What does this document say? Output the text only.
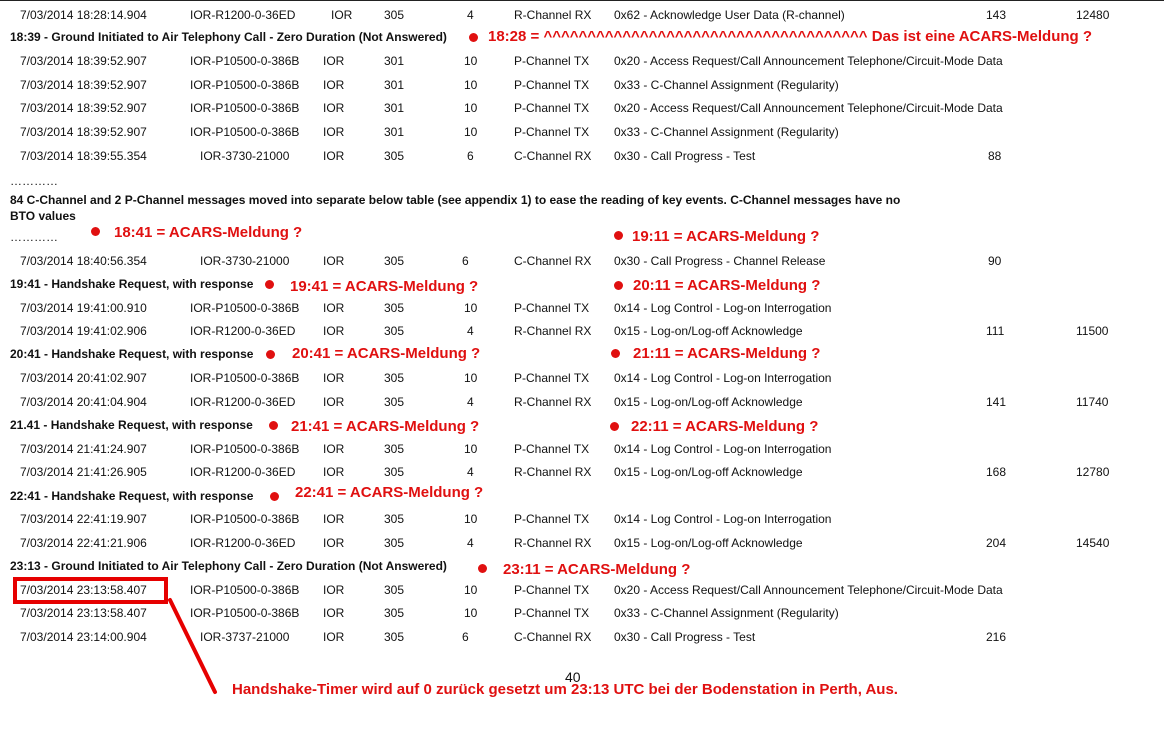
7/03/2014 18:28:14.904	IOR-R1200-0-36ED	IOR	305	4	R-Channel RX 0x62 - Acknowledge User Data (R-channel)	143	12480
18:39 - Ground Initiated to Air Telephony Call - Zero Duration (Not Answered)	18:28 = ^^^^^^^^^^^^^^^^^^^^^^^^^^^^^^^^^^^^^ Das ist eine ACARS-Meldung ?
7/03/2014 18:39:52.907	IOR-P10500-0-386B IOR	301	10	P-Channel TX 0x20 - Access Request/Call Announcement Telephone/Circuit-Mode Data
7/03/2014 18:39:52.907	IOR-P10500-0-386B IOR	301	10	P-Channel TX 0x33 - C-Channel Assignment (Regularity)
7/03/2014 18:39:52.907	IOR-P10500-0-386B IOR	301	10	P-Channel TX 0x20 - Access Request/Call Announcement Telephone/Circuit-Mode Data
7/03/2014 18:39:52.907	IOR-P10500-0-386B IOR	301	10	P-Channel TX 0x33 - C-Channel Assignment (Regularity)
7/03/2014 18:39:55.354	IOR-3730-21000	IOR	305	6	C-Channel RX 0x30 - Call Progress - Test	88
…………
84 C-Channel and 2 P-Channel messages moved into separate below table (see appendix 1) to ease the reading of key events. C-Channel messages have no
BTO values
…………	18:41 = ACARS-Meldung ?	19:11 = ACARS-Meldung ?
7/03/2014 18:40:56.354	IOR-3730-21000	IOR	305	6	C-Channel RX 0x30 - Call Progress - Channel Release	90
19:41 - Handshake Request, with response 19:41 = ACARS-Meldung ?	20:11 = ACARS-Meldung ?
7/03/2014 19:41:00.910	IOR-P10500-0-386B IOR	305	10	P-Channel TX 0x14 - Log Control - Log-on Interrogation
7/03/2014 19:41:02.906	IOR-R1200-0-36ED IOR	305	4	R-Channel RX 0x15 - Log-on/Log-off Acknowledge	111	11500
20:41 - Handshake Request, with response	20:41 = ACARS-Meldung ?	21:11 = ACARS-Meldung ?
7/03/2014 20:41:02.907	IOR-P10500-0-386B IOR	305	10	P-Channel TX 0x14 - Log Control - Log-on Interrogation
7/03/2014 20:41:04.904	IOR-R1200-0-36ED IOR	305	4	R-Channel RX 0x15 - Log-on/Log-off Acknowledge	141	11740
21.41 - Handshake Request, with response	21:41 = ACARS-Meldung ?	22:11 = ACARS-Meldung ?
7/03/2014 21:41:24.907	IOR-P10500-0-386B IOR	305	10	P-Channel TX 0x14 - Log Control - Log-on Interrogation
7/03/2014 21:41:26.905	IOR-R1200-0-36ED IOR	305	4	R-Channel RX 0x15 - Log-on/Log-off Acknowledge	168	12780
22:41 - Handshake Request, with response	22:41 = ACARS-Meldung ?
7/03/2014 22:41:19.907	IOR-P10500-0-386B IOR	305	10	P-Channel TX 0x14 - Log Control - Log-on Interrogation
7/03/2014 22:41:21.906	IOR-R1200-0-36ED IOR	305	4	R-Channel RX 0x15 - Log-on/Log-off Acknowledge	204	14540
23:13 - Ground Initiated to Air Telephony Call - Zero Duration (Not Answered)	23:11 = ACARS-Meldung ?
7/03/2014 23:13:58.407	IOR-P10500-0-386B IOR	305	10	P-Channel TX 0x20 - Access Request/Call Announcement Telephone/Circuit-Mode Data
7/03/2014 23:13:58.407	IOR-P10500-0-386B IOR	305	10	P-Channel TX 0x33 - C-Channel Assignment (Regularity)
7/03/2014 23:14:00.904	IOR-3737-21000	IOR	305	6	C-Channel RX 0x30 - Call Progress - Test	216
40
Handshake-Timer wird auf 0 zurück gesetzt um 23:13 UTC bei der Bodenstation in Perth, Aus.
